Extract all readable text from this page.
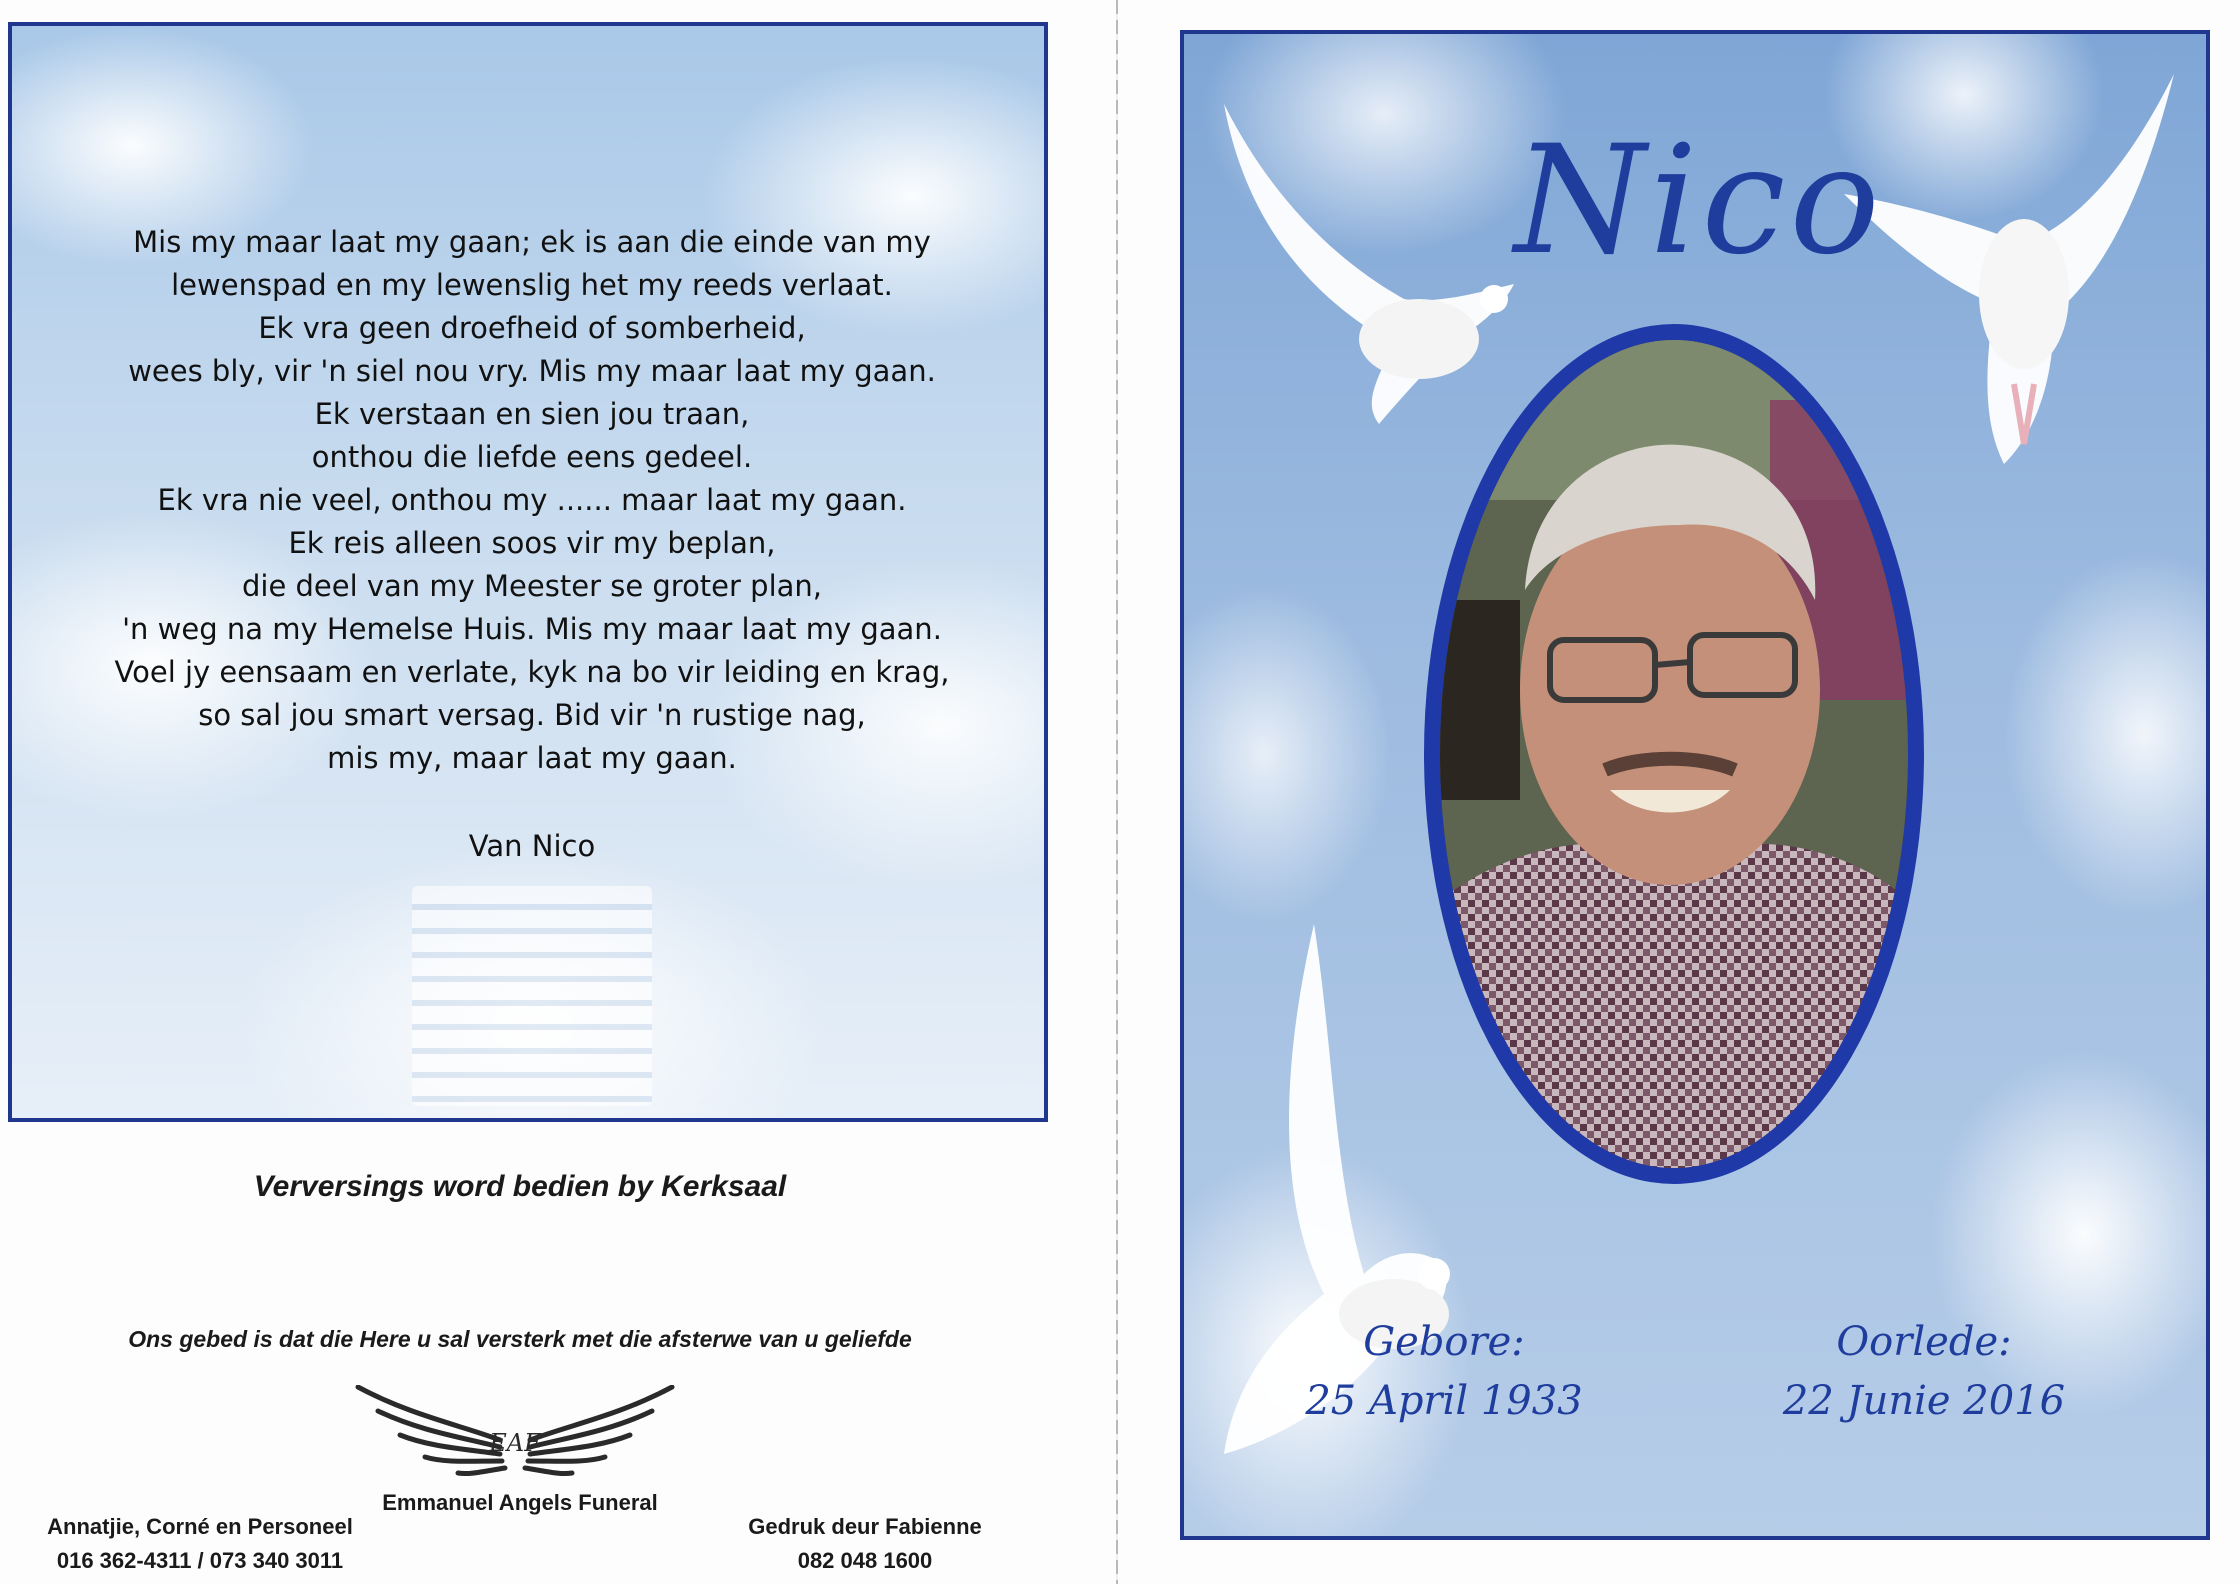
Mis my maar laat my gaan; ek is aan die einde van my
lewenspad en my lewenslig het my reeds verlaat.
Ek vra geen droefheid of somberheid,
wees bly, vir 'n siel nou vry. Mis my maar laat my gaan.
Ek verstaan en sien jou traan,
onthou die liefde eens gedeel.
Ek vra nie veel, onthou my ...... maar laat my gaan.
Ek reis alleen soos vir my beplan,
die deel van my Meester se groter plan,
'n weg na my Hemelse Huis. Mis my maar laat my gaan.
Voel jy eensaam en verlate, kyk na bo vir leiding en krag,
so sal jou smart versag. Bid vir 'n rustige nag,
mis my, maar laat my gaan.
Van Nico
Verversings word bedien by Kerksaal
Ons gebed is dat die Here u sal versterk met die afsterwe van u geliefde
EAF
Emmanuel Angels Funeral
Annatjie, Corné en Personeel
016 362-4311 / 073 340 3011
Gedruk deur Fabienne
082 048 1600
Nico
Gebore:
25 April 1933
Oorlede:
22 Junie 2016
